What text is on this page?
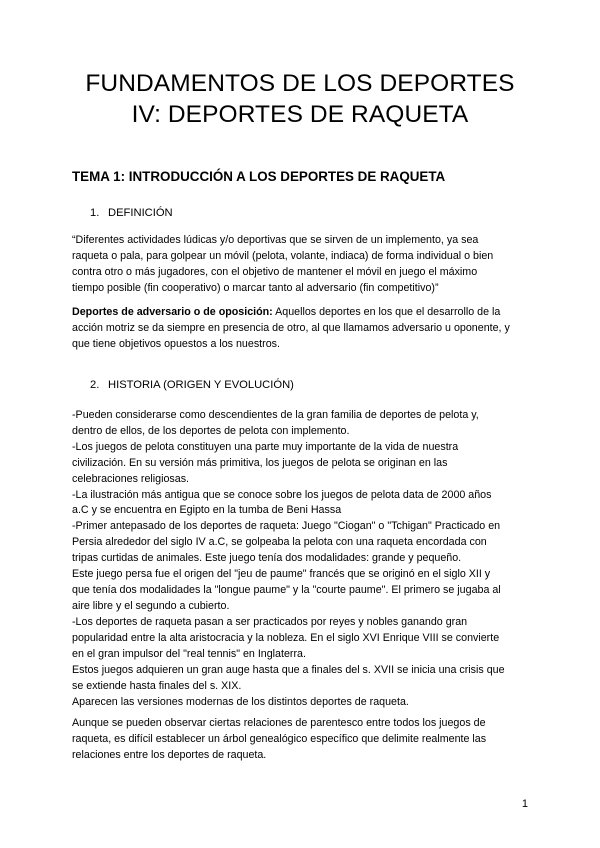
FUNDAMENTOS DE LOS DEPORTES
IV: DEPORTES DE RAQUETA
TEMA 1: INTRODUCCIÓN A LOS DEPORTES DE RAQUETA
1. DEFINICIÓN
“Diferentes actividades lúdicas y/o deportivas que se sirven de un implemento, ya sea
raqueta o pala, para golpear un móvil (pelota, volante, indiaca) de forma individual o bien
contra otro o más jugadores, con el objetivo de mantener el móvil en juego el máximo
tiempo posible (fin cooperativo) o marcar tanto al adversario (fin competitivo)”
Deportes de adversario o de oposición: Aquellos deportes en los que el desarrollo de la
acción motriz se da siempre en presencia de otro, al que llamamos adversario u oponente, y
que tiene objetivos opuestos a los nuestros.
2. HISTORIA (ORIGEN Y EVOLUCIÓN)
-Pueden considerarse como descendientes de la gran familia de deportes de pelota y,
dentro de ellos, de los deportes de pelota con implemento.
-Los juegos de pelota constituyen una parte muy importante de la vida de nuestra
civilización. En su versión más primitiva, los juegos de pelota se originan en las
celebraciones religiosas.
-La ilustración más antigua que se conoce sobre los juegos de pelota data de 2000 años
a.C y se encuentra en Egipto en la tumba de Beni Hassa
-Primer antepasado de los deportes de raqueta: Juego "Ciogan" o "Tchigan" Practicado en
Persia alrededor del siglo IV a.C, se golpeaba la pelota con una raqueta encordada con
tripas curtidas de animales. Este juego tenía dos modalidades: grande y pequeño.
Este juego persa fue el origen del "jeu de paume" francés que se originó en el siglo XII y
que tenía dos modalidades la "longue paume" y la "courte paume". El primero se jugaba al
aire libre y el segundo a cubierto.
-Los deportes de raqueta pasan a ser practicados por reyes y nobles ganando gran
popularidad entre la alta aristocracia y la nobleza. En el siglo XVI Enrique VIII se convierte
en el gran impulsor del "real tennis" en Inglaterra.
Estos juegos adquieren un gran auge hasta que a finales del s. XVII se inicia una crisis que
se extiende hasta finales del s. XIX.
Aparecen las versiones modernas de los distintos deportes de raqueta.
Aunque se pueden observar ciertas relaciones de parentesco entre todos los juegos de
raqueta, es difícil establecer un árbol genealógico específico que delimite realmente las
relaciones entre los deportes de raqueta.
1
